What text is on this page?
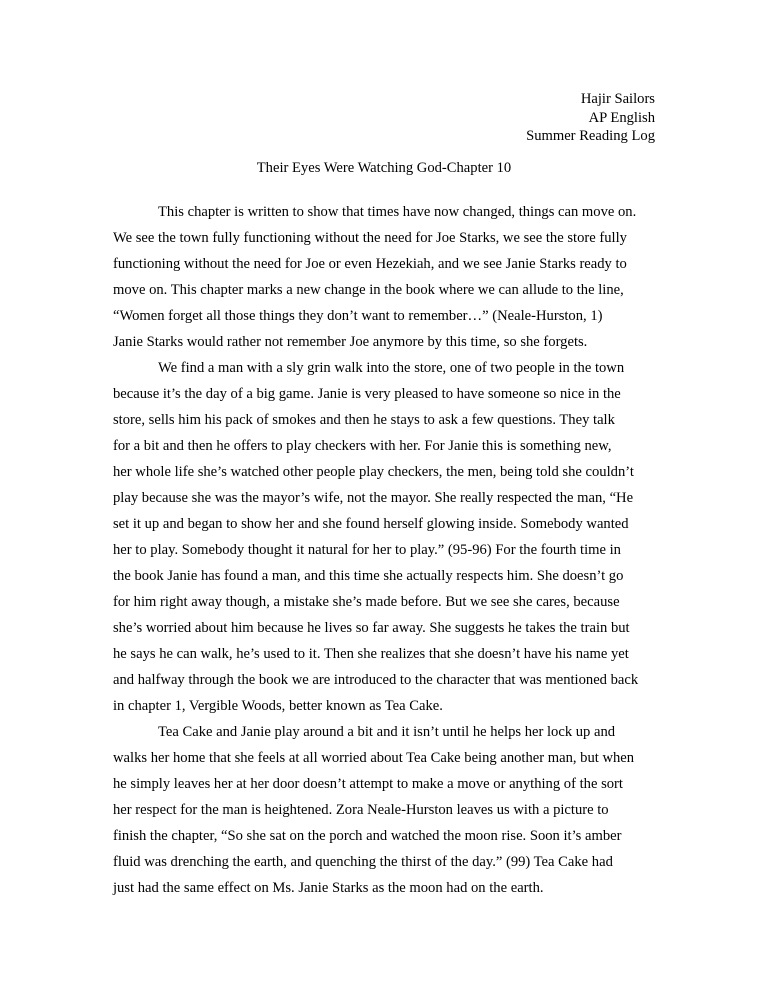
Hajir Sailors
AP English
Summer Reading Log
Their Eyes Were Watching God-Chapter 10
This chapter is written to show that times have now changed, things can move on.
We see the town fully functioning without the need for Joe Starks, we see the store fully
functioning without the need for Joe or even Hezekiah, and we see Janie Starks ready to
move on. This chapter marks a new change in the book where we can allude to the line,
“Women forget all those things they don’t want to remember…” (Neale-Hurston, 1)
Janie Starks would rather not remember Joe anymore by this time, so she forgets.
We find a man with a sly grin walk into the store, one of two people in the town
because it’s the day of a big game. Janie is very pleased to have someone so nice in the
store, sells him his pack of smokes and then he stays to ask a few questions. They talk
for a bit and then he offers to play checkers with her. For Janie this is something new,
her whole life she’s watched other people play checkers, the men, being told she couldn’t
play because she was the mayor’s wife, not the mayor. She really respected the man, “He
set it up and began to show her and she found herself glowing inside. Somebody wanted
her to play. Somebody thought it natural for her to play.” (95-96) For the fourth time in
the book Janie has found a man, and this time she actually respects him. She doesn’t go
for him right away though, a mistake she’s made before. But we see she cares, because
she’s worried about him because he lives so far away. She suggests he takes the train but
he says he can walk, he’s used to it. Then she realizes that she doesn’t have his name yet
and halfway through the book we are introduced to the character that was mentioned back
in chapter 1, Vergible Woods, better known as Tea Cake.
Tea Cake and Janie play around a bit and it isn’t until he helps her lock up and
walks her home that she feels at all worried about Tea Cake being another man, but when
he simply leaves her at her door doesn’t attempt to make a move or anything of the sort
her respect for the man is heightened. Zora Neale-Hurston leaves us with a picture to
finish the chapter, “So she sat on the porch and watched the moon rise. Soon it’s amber
fluid was drenching the earth, and quenching the thirst of the day.” (99) Tea Cake had
just had the same effect on Ms. Janie Starks as the moon had on the earth.
